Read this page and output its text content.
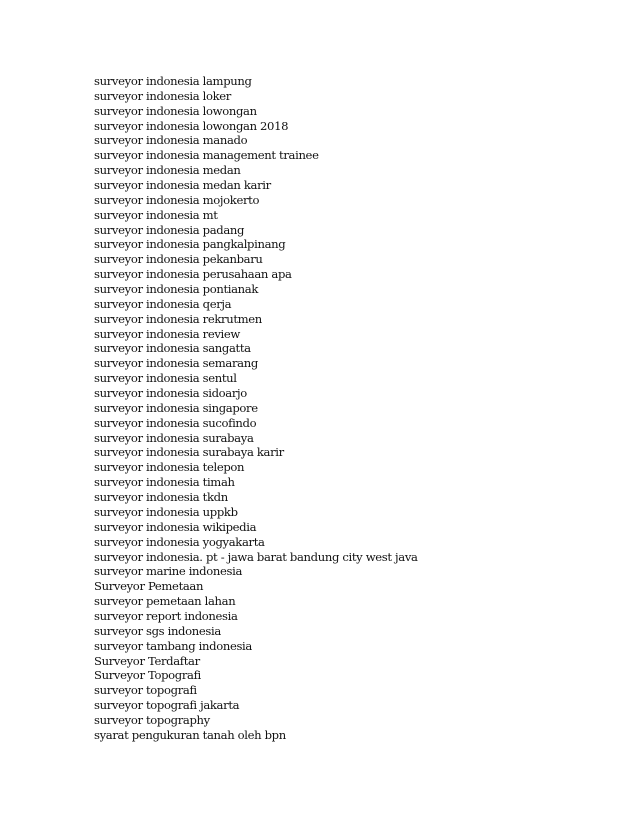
surveyor indonesia lampung
surveyor indonesia loker
surveyor indonesia lowongan
surveyor indonesia lowongan 2018
surveyor indonesia manado
surveyor indonesia management trainee
surveyor indonesia medan
surveyor indonesia medan karir
surveyor indonesia mojokerto
surveyor indonesia mt
surveyor indonesia padang
surveyor indonesia pangkalpinang
surveyor indonesia pekanbaru
surveyor indonesia perusahaan apa
surveyor indonesia pontianak
surveyor indonesia qerja
surveyor indonesia rekrutmen
surveyor indonesia review
surveyor indonesia sangatta
surveyor indonesia semarang
surveyor indonesia sentul
surveyor indonesia sidoarjo
surveyor indonesia singapore
surveyor indonesia sucofindo
surveyor indonesia surabaya
surveyor indonesia surabaya karir
surveyor indonesia telepon
surveyor indonesia timah
surveyor indonesia tkdn
surveyor indonesia uppkb
surveyor indonesia wikipedia
surveyor indonesia yogyakarta
surveyor indonesia. pt - jawa barat bandung city west java
surveyor marine indonesia
Surveyor Pemetaan
surveyor pemetaan lahan
surveyor report indonesia
surveyor sgs indonesia
surveyor tambang indonesia
Surveyor Terdaftar
Surveyor Topografi
surveyor topografi
surveyor topografi jakarta
surveyor topography
syarat pengukuran tanah oleh bpn
